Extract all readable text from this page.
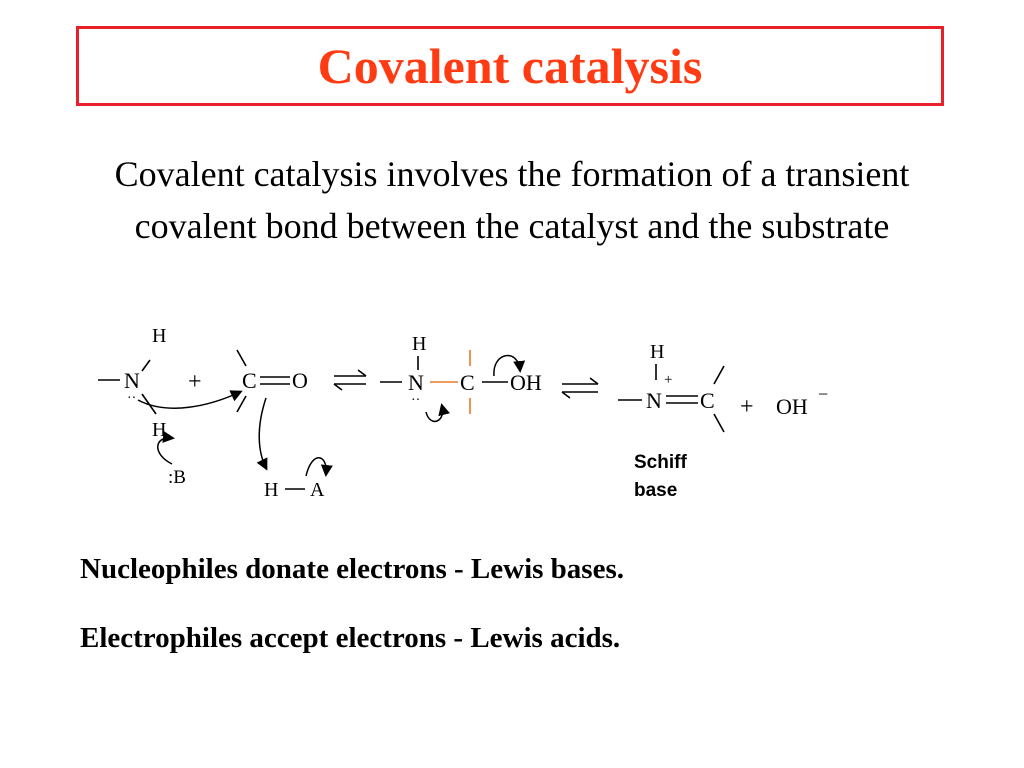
Covalent catalysis

Covalent catalysis involves the formation of a transient covalent bond between the catalyst and the substrate

N
··
H
H
:B
+ C O
H A
H
N
··
C OH
H
+
N C
Schiff
base
+ OH −

Nucleophiles donate electrons - Lewis bases.

Electrophiles accept electrons - Lewis acids.
